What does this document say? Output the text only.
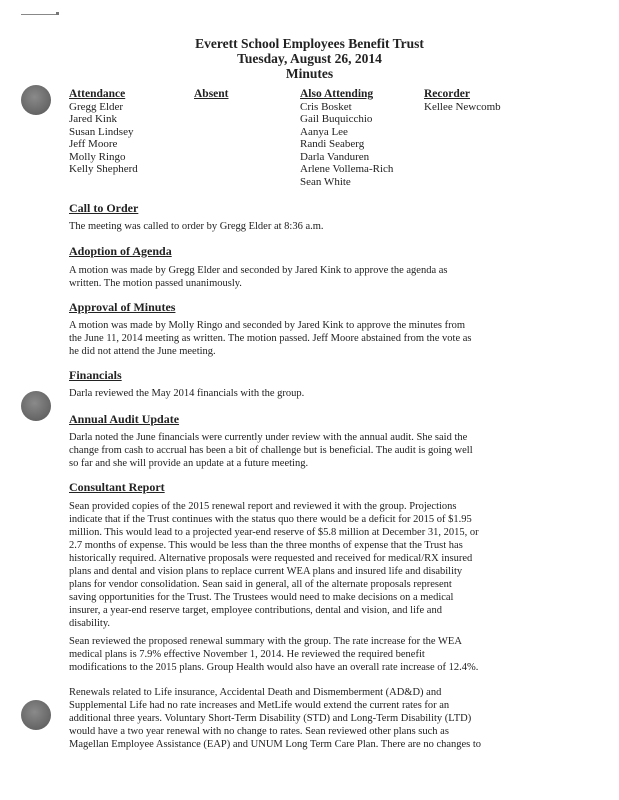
Everett School Employees Benefit Trust
Tuesday, August 26, 2014
Minutes
Attendance
Gregg Elder
Jared Kink
Susan Lindsey
Jeff Moore
Molly Ringo
Kelly Shepherd
Absent	Also Attending
Cris Bosket
Gail Buquicchio
Aanya Lee
Randi Seaberg
Darla Vanduren
Arlene Vollema-Rich
Sean White
Recorder
Kellee Newcomb
Call to Order
The meeting was called to order by Gregg Elder at 8:36 a.m.
Adoption of Agenda
A motion was made by Gregg Elder and seconded by Jared Kink to approve the agenda as
written. The motion passed unanimously.
Approval of Minutes
A motion was made by Molly Ringo and seconded by Jared Kink to approve the minutes from
the June 11, 2014 meeting as written. The motion passed. Jeff Moore abstained from the vote as
he did not attend the June meeting.
Financials
Darla reviewed the May 2014 financials with the group.
Annual Audit Update
Darla noted the June financials were currently under review with the annual audit. She said the
change from cash to accrual has been a bit of challenge but is beneficial. The audit is going well
so far and she will provide an update at a future meeting.
Consultant Report
Sean provided copies of the 2015 renewal report and reviewed it with the group. Projections
indicate that if the Trust continues with the status quo there would be a deficit for 2015 of $1.95
million. This would lead to a projected year-end reserve of $5.8 million at December 31, 2015, or
2.7 months of expense. This would be less than the three months of expense that the Trust has
historically required. Alternative proposals were requested and received for medical/RX insured
plans and dental and vision plans to replace current WEA plans and insured life and disability
plans for vendor consolidation. Sean said in general, all of the alternate proposals represent
saving opportunities for the Trust. The Trustees would need to make decisions on a medical
insurer, a year-end reserve target, employee contributions, dental and vision, and life and
disability.
Sean reviewed the proposed renewal summary with the group. The rate increase for the WEA
medical plans is 7.9% effective November 1, 2014. He reviewed the required benefit
modifications to the 2015 plans. Group Health would also have an overall rate increase of 12.4%.
Renewals related to Life insurance, Accidental Death and Dismemberment (AD&D) and
Supplemental Life had no rate increases and MetLife would extend the current rates for an
additional three years. Voluntary Short-Term Disability (STD) and Long-Term Disability (LTD)
would have a two year renewal with no change to rates. Sean reviewed other plans such as
Magellan Employee Assistance (EAP) and UNUM Long Term Care Plan. There are no changes to
